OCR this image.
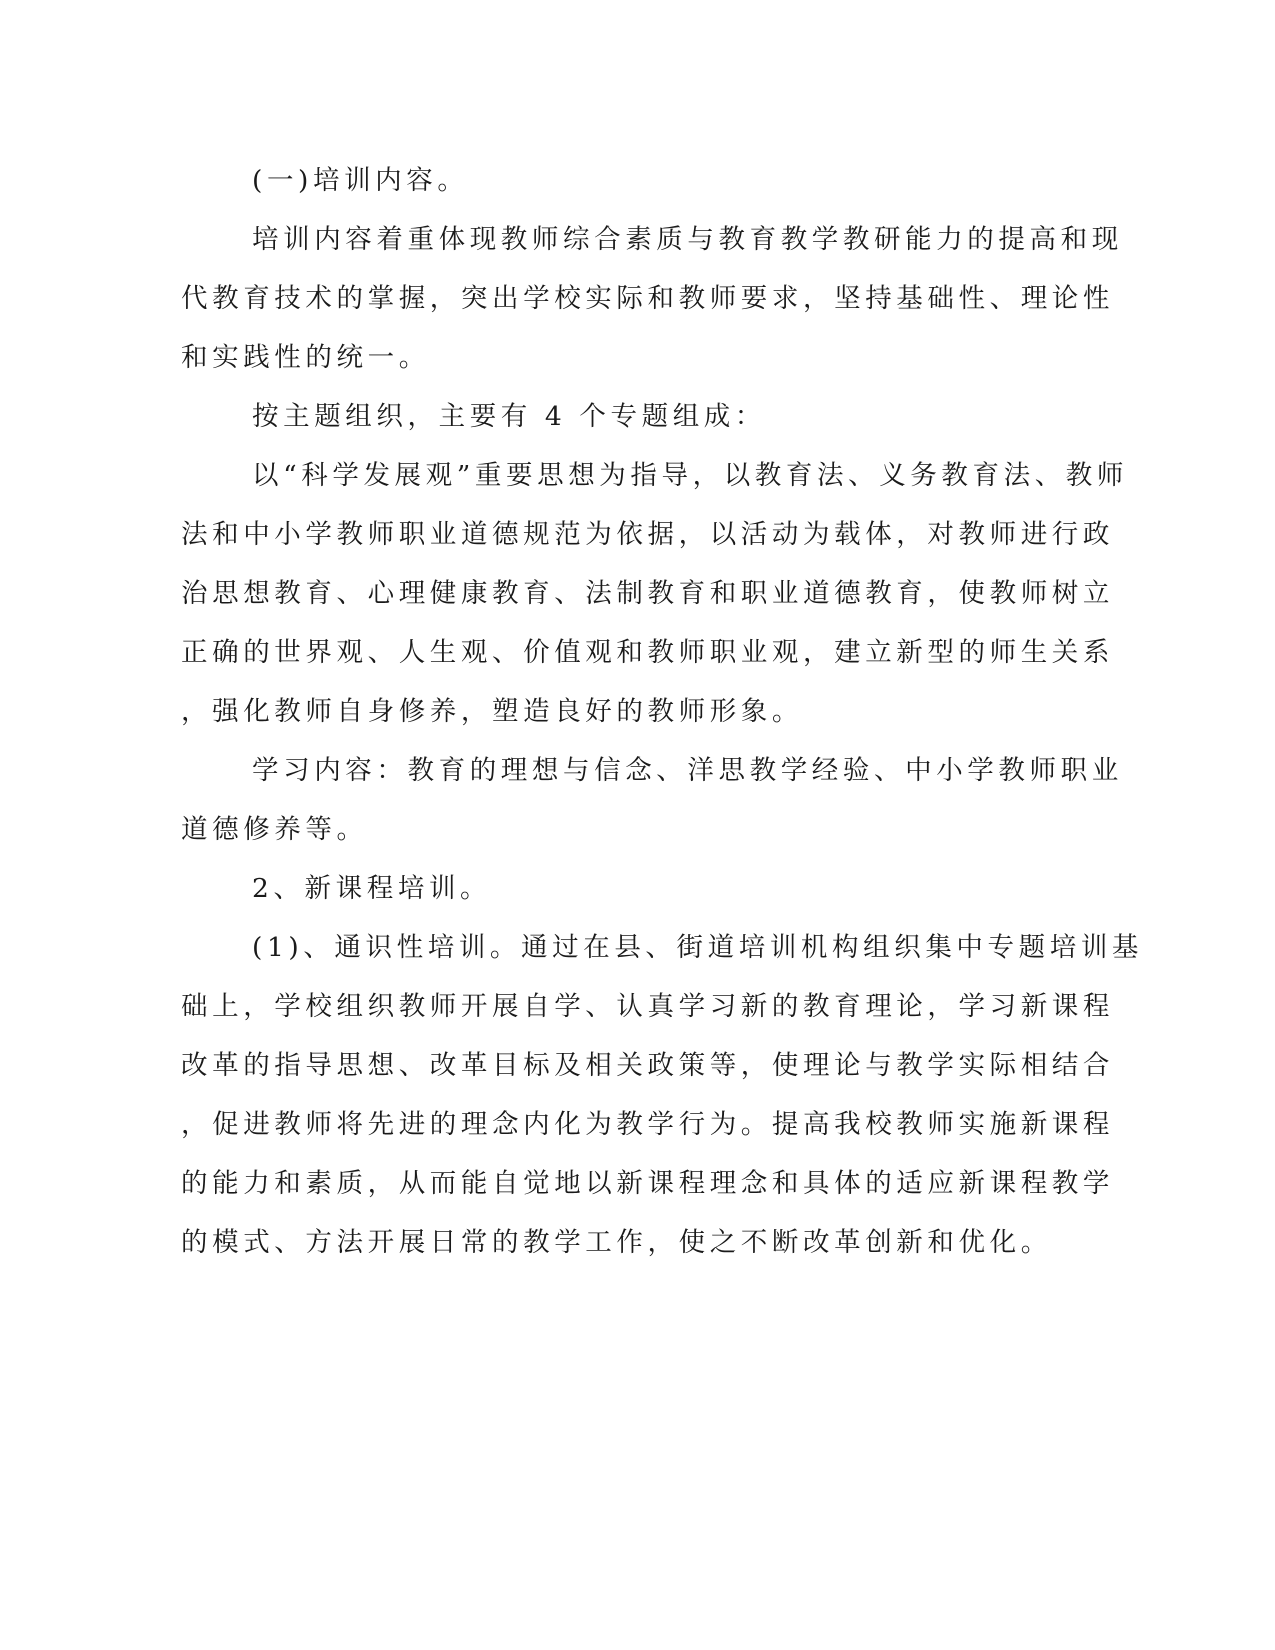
(一)培训内容。
培训内容着重体现教师综合素质与教育教学教研能力的提高和现
代教育技术的掌握，突出学校实际和教师要求，坚持基础性、理论性
和实践性的统一。
按主题组织，主要有 4 个专题组成：
以“科学发展观”重要思想为指导，以教育法、义务教育法、教师
法和中小学教师职业道德规范为依据，以活动为载体，对教师进行政
治思想教育、心理健康教育、法制教育和职业道德教育，使教师树立
正确的世界观、人生观、价值观和教师职业观，建立新型的师生关系
，强化教师自身修养，塑造良好的教师形象。
学习内容：教育的理想与信念、洋思教学经验、中小学教师职业
道德修养等。
2、新课程培训。
(1)、通识性培训。通过在县、街道培训机构组织集中专题培训基
础上，学校组织教师开展自学、认真学习新的教育理论，学习新课程
改革的指导思想、改革目标及相关政策等，使理论与教学实际相结合
，促进教师将先进的理念内化为教学行为。提高我校教师实施新课程
的能力和素质，从而能自觉地以新课程理念和具体的适应新课程教学
的模式、方法开展日常的教学工作，使之不断改革创新和优化。
